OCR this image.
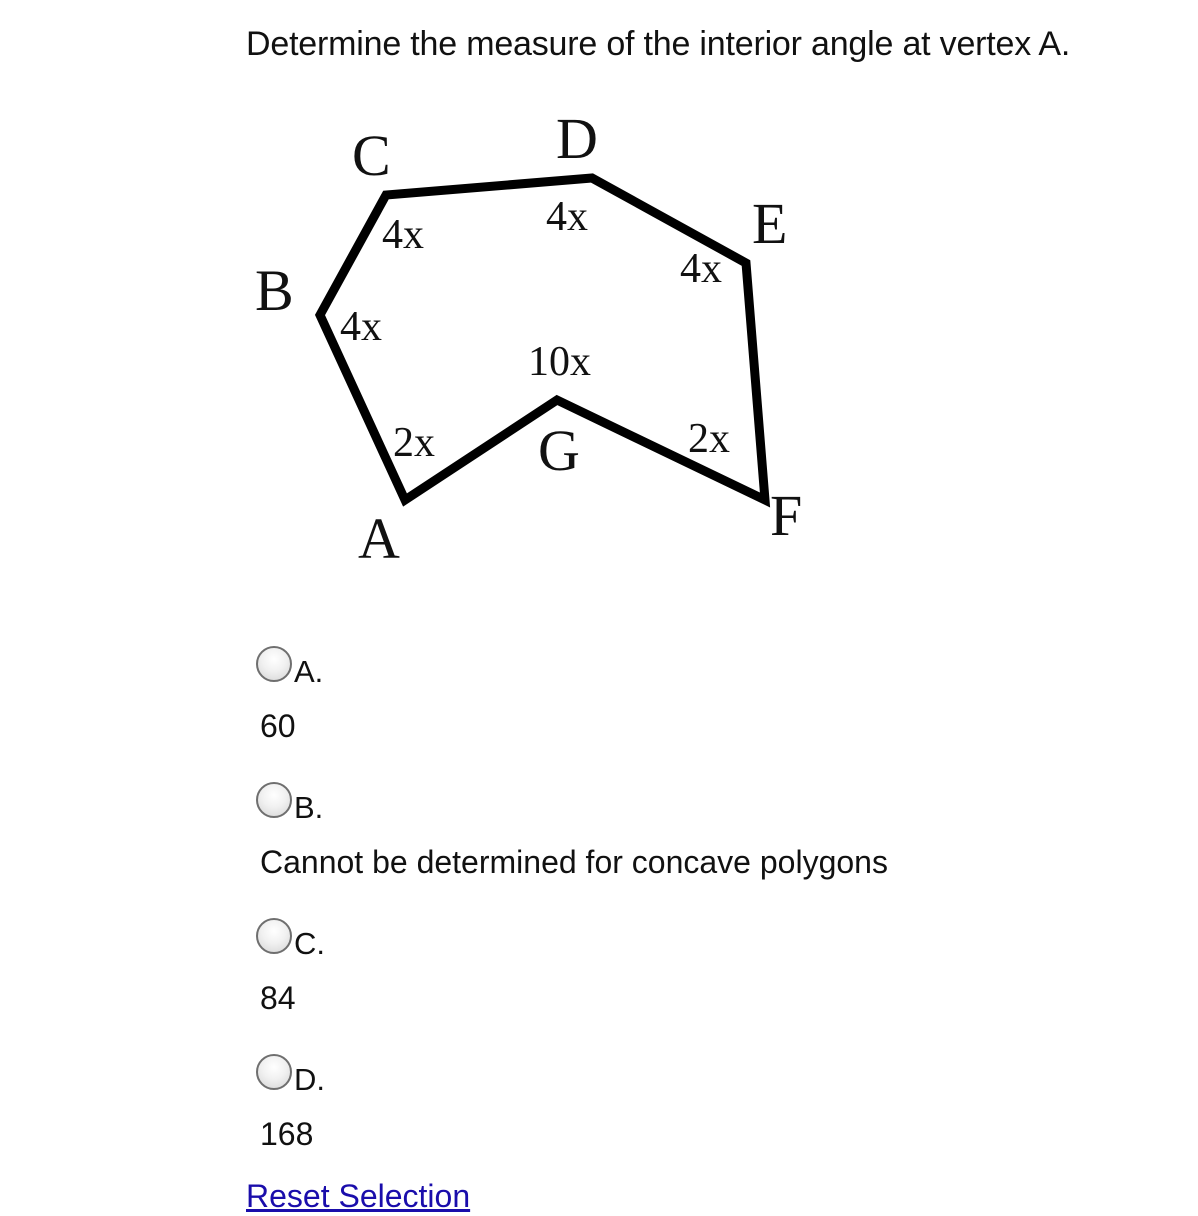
Determine the measure of the interior angle at vertex A.
C	D
E
B
G
A	F
4x	4x
4x
4x
10x
2x	2x
A.
60
B.
Cannot be determined for concave polygons
C.
84
D.
168
Reset Selection
